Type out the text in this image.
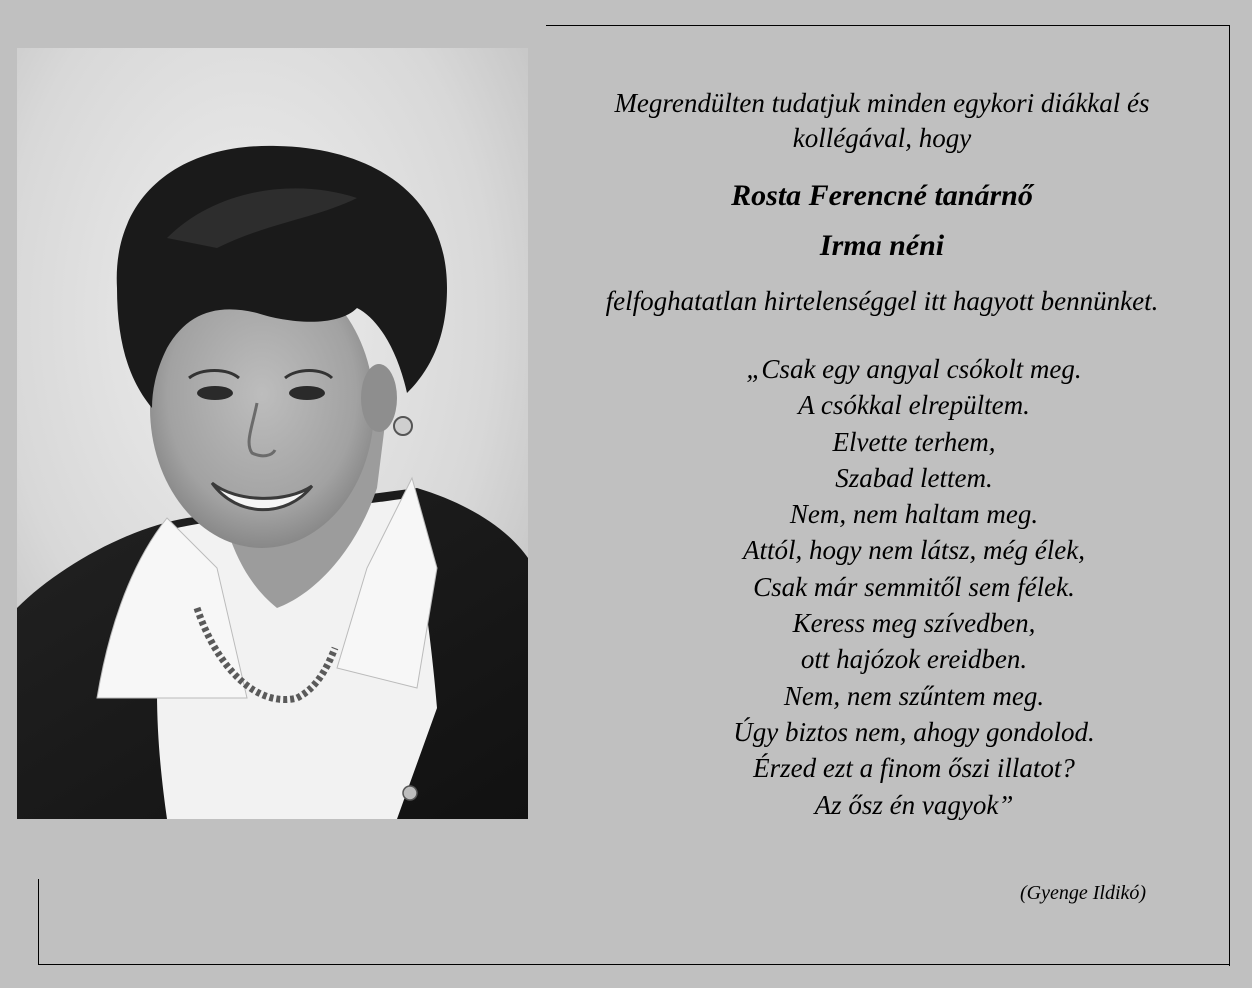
Megrendülten tudatjuk minden egykori diákkal és kollégával, hogy

Rosta Ferencné tanárnő

Irma néni

felfoghatatlan hirtelenséggel itt hagyott bennünket.

„Csak egy angyal csókolt meg.
A csókkal elrepültem.
Elvette terhem,
Szabad lettem.
Nem, nem haltam meg.
Attól, hogy nem látsz, még élek,
Csak már semmitől sem félek.
Keress meg szívedben,
ott hajózok ereidben.
Nem, nem szűntem meg.
Úgy biztos nem, ahogy gondolod.
Érzed ezt a finom őszi illatot?
Az ősz én vagyok”
(Gyenge Ildikó)
